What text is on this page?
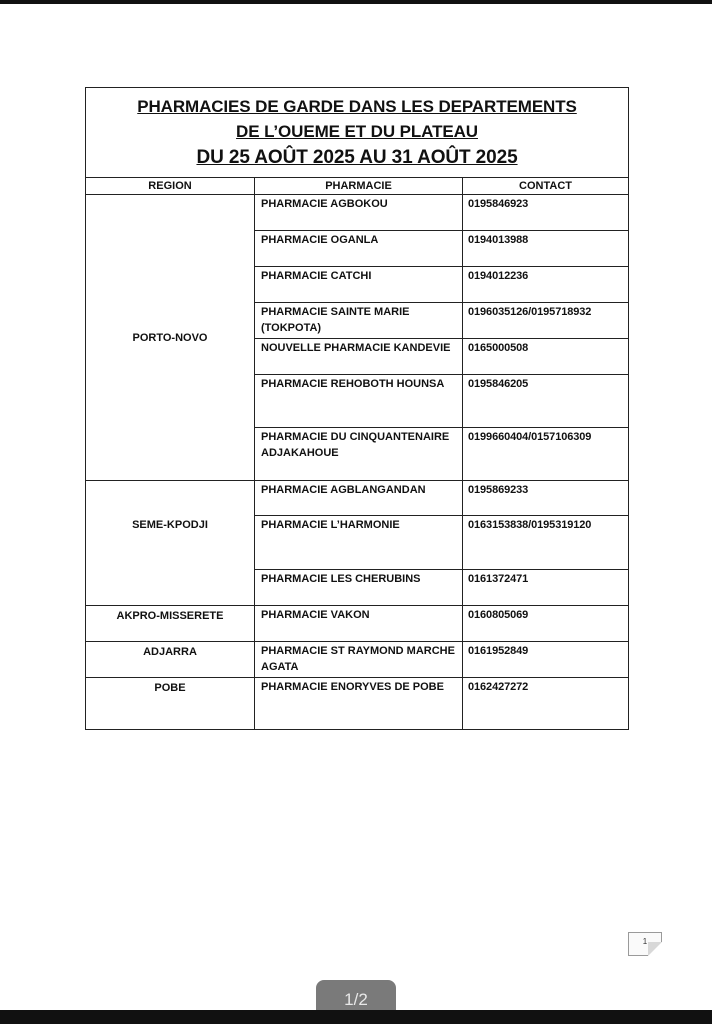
PHARMACIES DE GARDE DANS LES DEPARTEMENTS
DE L’OUEME ET DU PLATEAU
DU 25 AOÛT 2025 AU 31 AOÛT 2025		

REGION	PHARMACIE	CONTACT
PORTO-NOVO	PHARMACIE AGBOKOU	0195846923
	PHARMACIE OGANLA	0194013988
	PHARMACIE CATCHI	0194012236
	PHARMACIE SAINTE MARIE (TOKPOTA)	0196035126/0195718932
	NOUVELLE PHARMACIE KANDEVIE	0165000508
	PHARMACIE REHOBOTH HOUNSA	0195846205
	PHARMACIE DU CINQUANTENAIRE ADJAKAHOUE	0199660404/0157106309
SEME-KPODJI	PHARMACIE AGBLANGANDAN	0195869233
	PHARMACIE L’HARMONIE	0163153838/0195319120
	PHARMACIE LES CHERUBINS	0161372471
AKPRO-MISSERETE	PHARMACIE VAKON	0160805069
ADJARRA	PHARMACIE ST RAYMOND MARCHE AGATA	0161952849
POBE	PHARMACIE ENORYVES DE POBE	0162427272
1
1/2
